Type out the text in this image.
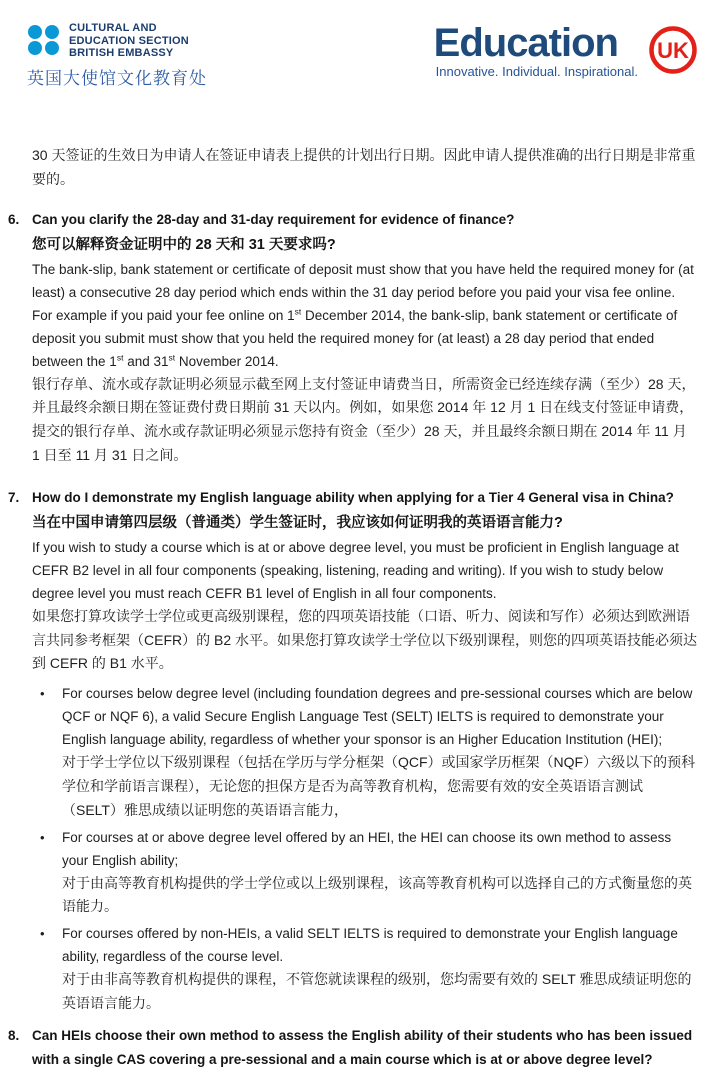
CULTURAL AND
EDUCATION SECTION
BRITISH EMBASSY
英国大使馆文化教育处
Education
Innovative. Individual. Inspirational.
UK

30 天签证的生效日为申请人在签证申请表上提供的计划出行日期。因此申请人提供准确的出行日期是非常重要的。

6. Can you clarify the 28-day and 31-day requirement for evidence of finance?

您可以解释资金证明中的 28 天和 31 天要求吗?

The bank-slip, bank statement or certificate of deposit must show that you have held the required money for (at least) a consecutive 28 day period which ends within the 31 day period before you paid your visa fee online. For example if you paid your fee online on 1st December 2014, the bank-slip, bank statement or certificate of deposit you submit must show that you held the required money for (at least) a 28 day period that ended between the 1st and 31st November 2014.

银行存单、流水或存款证明必须显示截至网上支付签证申请费当日，所需资金已经连续存满（至少）28 天，并且最终余额日期在签证费付费日期前 31 天以内。例如，如果您 2014 年 12 月 1 日在线支付签证申请费，提交的银行存单、流水或存款证明必须显示您持有资金（至少）28 天，并且最终余额日期在 2014 年 11 月 1 日至 11 月 31 日之间。

7. How do I demonstrate my English language ability when applying for a Tier 4 General visa in China?

当在中国申请第四层级（普通类）学生签证时，我应该如何证明我的英语语言能力?

If you wish to study a course which is at or above degree level, you must be proficient in English language at CEFR B2 level in all four components (speaking, listening, reading and writing). If you wish to study below degree level you must reach CEFR B1 level of English in all four components.

如果您打算攻读学士学位或更高级别课程，您的四项英语技能（口语、听力、阅读和写作）必须达到欧洲语言共同参考框架（CEFR）的 B2 水平。如果您打算攻读学士学位以下级别课程，则您的四项英语技能必须达到 CEFR 的 B1 水平。

• For courses below degree level (including foundation degrees and pre-sessional courses which are below QCF or NQF 6), a valid Secure English Language Test (SELT) IELTS is required to demonstrate your English language ability, regardless of whether your sponsor is an Higher Education Institution (HEI);
对于学士学位以下级别课程（包括在学历与学分框架（QCF）或国家学历框架（NQF）六级以下的预科学位和学前语言课程），无论您的担保方是否为高等教育机构，您需要有效的安全英语语言测试（SELT）雅思成绩以证明您的英语语言能力，
• For courses at or above degree level offered by an HEI, the HEI can choose its own method to assess your English ability;
对于由高等教育机构提供的学士学位或以上级别课程，该高等教育机构可以选择自己的方式衡量您的英语能力。
• For courses offered by non-HEIs, a valid SELT IELTS is required to demonstrate your English language ability, regardless of the course level.
对于由非高等教育机构提供的课程，不管您就读课程的级别，您均需要有效的 SELT 雅思成绩证明您的英语语言能力。
8. Can HEIs choose their own method to assess the English ability of their students who has been issued with a single CAS covering a pre-sessional and a main course which is at or above degree level?
